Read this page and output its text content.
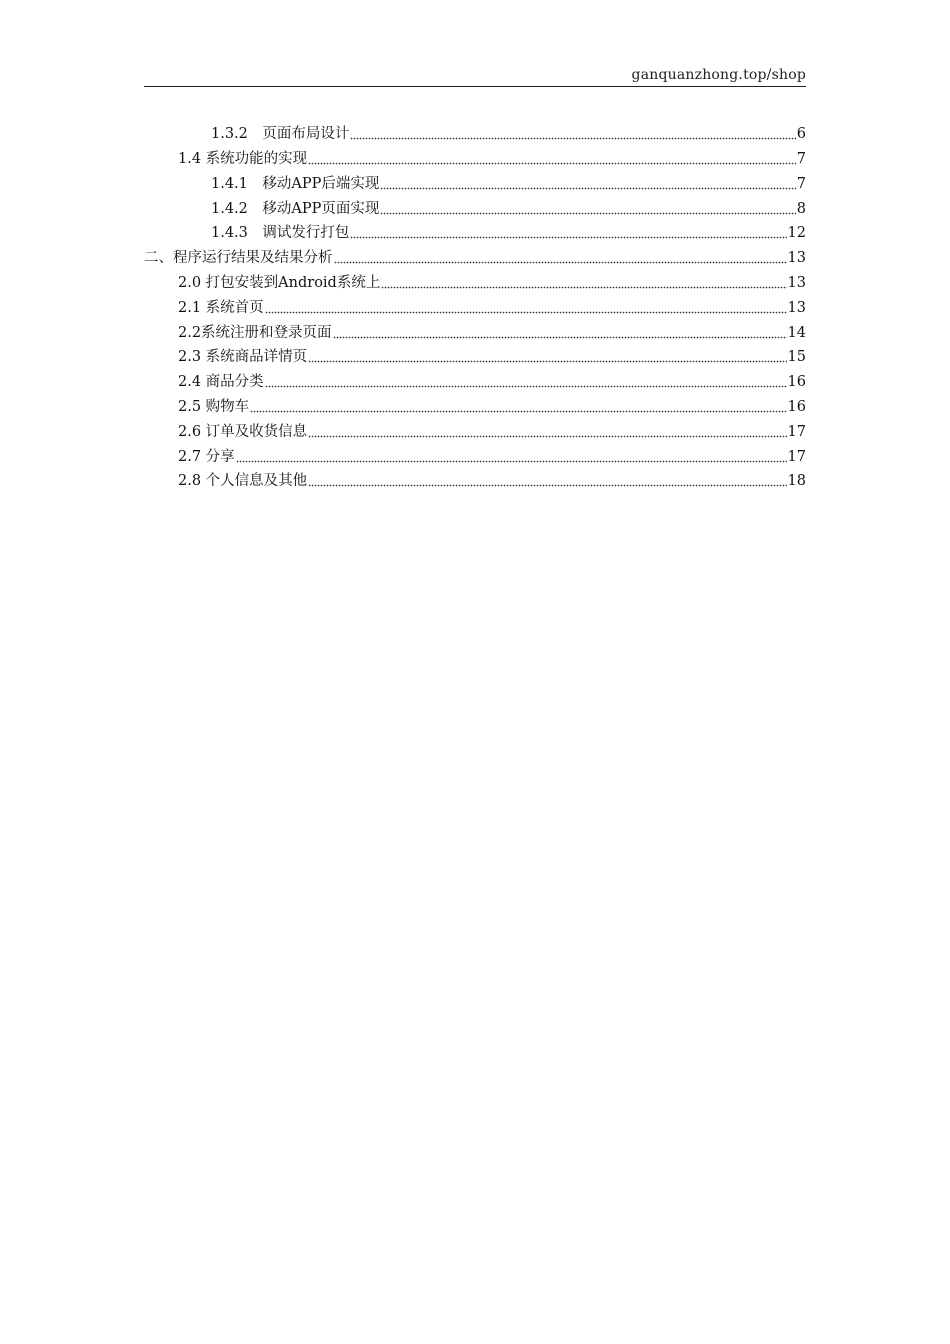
ganquanzhong.top/shop
1.3.2　页面布局设计	6
1.4 系统功能的实现	7
1.4.1　移动APP后端实现	7
1.4.2　移动APP页面实现	8
1.4.3　调试发行打包	12
二、程序运行结果及结果分析	13
2.0 打包安装到Android系统上	13
2.1 系统首页	13
2.2系统注册和登录页面	14
2.3 系统商品详情页	15
2.4 商品分类	16
2.5 购物车	16
2.6 订单及收货信息	17
2.7 分享	17
2.8 个人信息及其他	18
